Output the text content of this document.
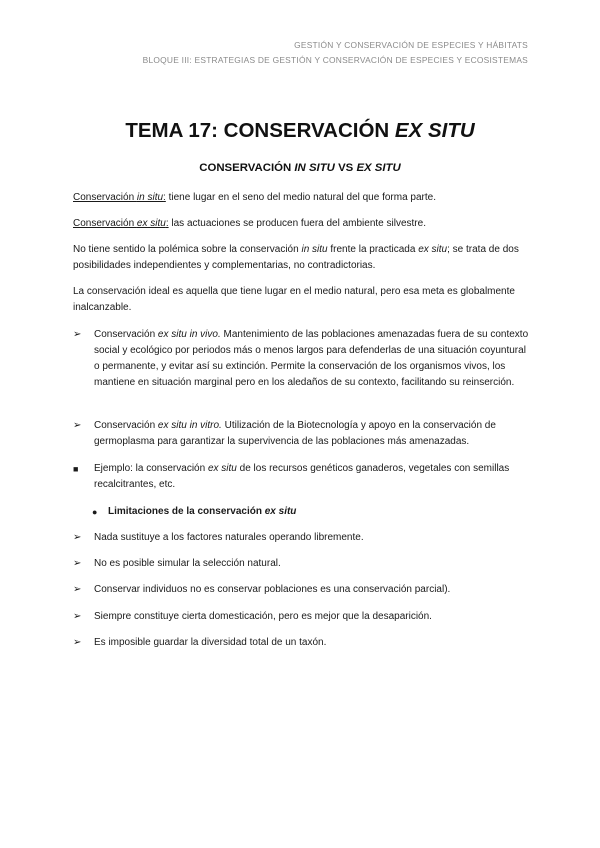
GESTIÓN Y CONSERVACIÓN DE ESPECIES Y HÁBITATS
BLOQUE III: ESTRATEGIAS DE GESTIÓN Y CONSERVACIÓN DE ESPECIES Y ECOSISTEMAS
TEMA 17: CONSERVACIÓN EX SITU
CONSERVACIÓN IN SITU VS EX SITU
Conservación in situ: tiene lugar en el seno del medio natural del que forma parte.
Conservación ex situ: las actuaciones se producen fuera del ambiente silvestre.
No tiene sentido la polémica sobre la conservación in situ frente la practicada ex situ; se trata de dos posibilidades independientes y complementarias, no contradictorias.
La conservación ideal es aquella que tiene lugar en el medio natural, pero esa meta es globalmente inalcanzable.
➢ Conservación ex situ in vivo. Mantenimiento de las poblaciones amenazadas fuera de su contexto social y ecológico por periodos más o menos largos para defenderlas de una situación coyuntural o permanente, y evitar así su extinción. Permite la conservación de los organismos vivos, los mantiene en situación marginal pero en los aledaños de su contexto, facilitando su reinserción.
➢ Conservación ex situ in vitro. Utilización de la Biotecnología y apoyo en la conservación de germoplasma para garantizar la supervivencia de las poblaciones más amenazadas.
■ Ejemplo: la conservación ex situ de los recursos genéticos ganaderos, vegetales con semillas recalcitrantes, etc.
● Limitaciones de la conservación ex situ
➢ Nada sustituye a los factores naturales operando libremente.
➢ No es posible simular la selección natural.
➢ Conservar individuos no es conservar poblaciones es una conservación parcial).
➢ Siempre constituye cierta domesticación, pero es mejor que la desaparición.
➢ Es imposible guardar la diversidad total de un taxón.
